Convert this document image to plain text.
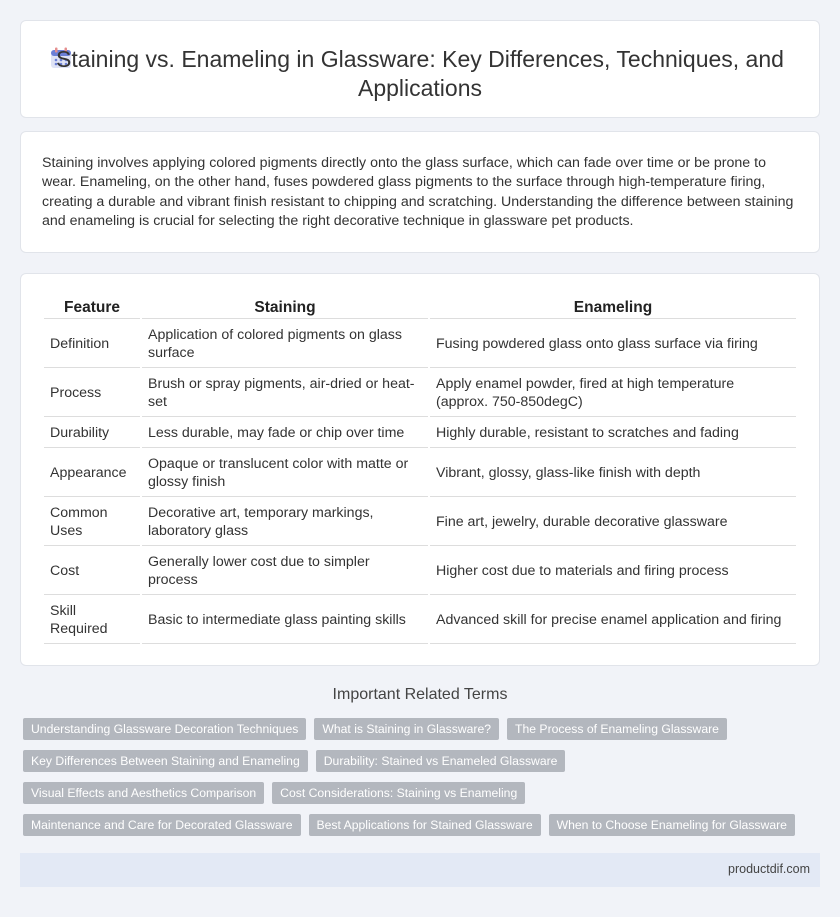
Staining vs. Enameling in Glassware: Key Differences, Techniques, and Applications

Staining involves applying colored pigments directly onto the glass surface, which can fade over time or be prone to wear. Enameling, on the other hand, fuses powdered glass pigments to the surface through high-temperature firing, creating a durable and vibrant finish resistant to chipping and scratching. Understanding the difference between staining and enameling is crucial for selecting the right decorative technique in glassware pet products.

Feature	Staining	Enameling
Definition	Application of colored pigments on glass surface	Fusing powdered glass onto glass surface via firing
Process	Brush or spray pigments, air-dried or heat-set	Apply enamel powder, fired at high temperature (approx. 750-850degC)
Durability	Less durable, may fade or chip over time	Highly durable, resistant to scratches and fading
Appearance	Opaque or translucent color with matte or glossy finish	Vibrant, glossy, glass-like finish with depth
Common Uses	Decorative art, temporary markings, laboratory glass	Fine art, jewelry, durable decorative glassware
Cost	Generally lower cost due to simpler process	Higher cost due to materials and firing process
Skill Required	Basic to intermediate glass painting skills	Advanced skill for precise enamel application and firing
Important Related Terms
Understanding Glassware Decoration Techniques	What is Staining in Glassware?	The Process of Enameling Glassware
Key Differences Between Staining and Enameling	Durability: Stained vs Enameled Glassware
Visual Effects and Aesthetics Comparison	Cost Considerations: Staining vs Enameling
Maintenance and Care for Decorated Glassware	Best Applications for Stained Glassware	When to Choose Enameling for Glassware
productdif.com
